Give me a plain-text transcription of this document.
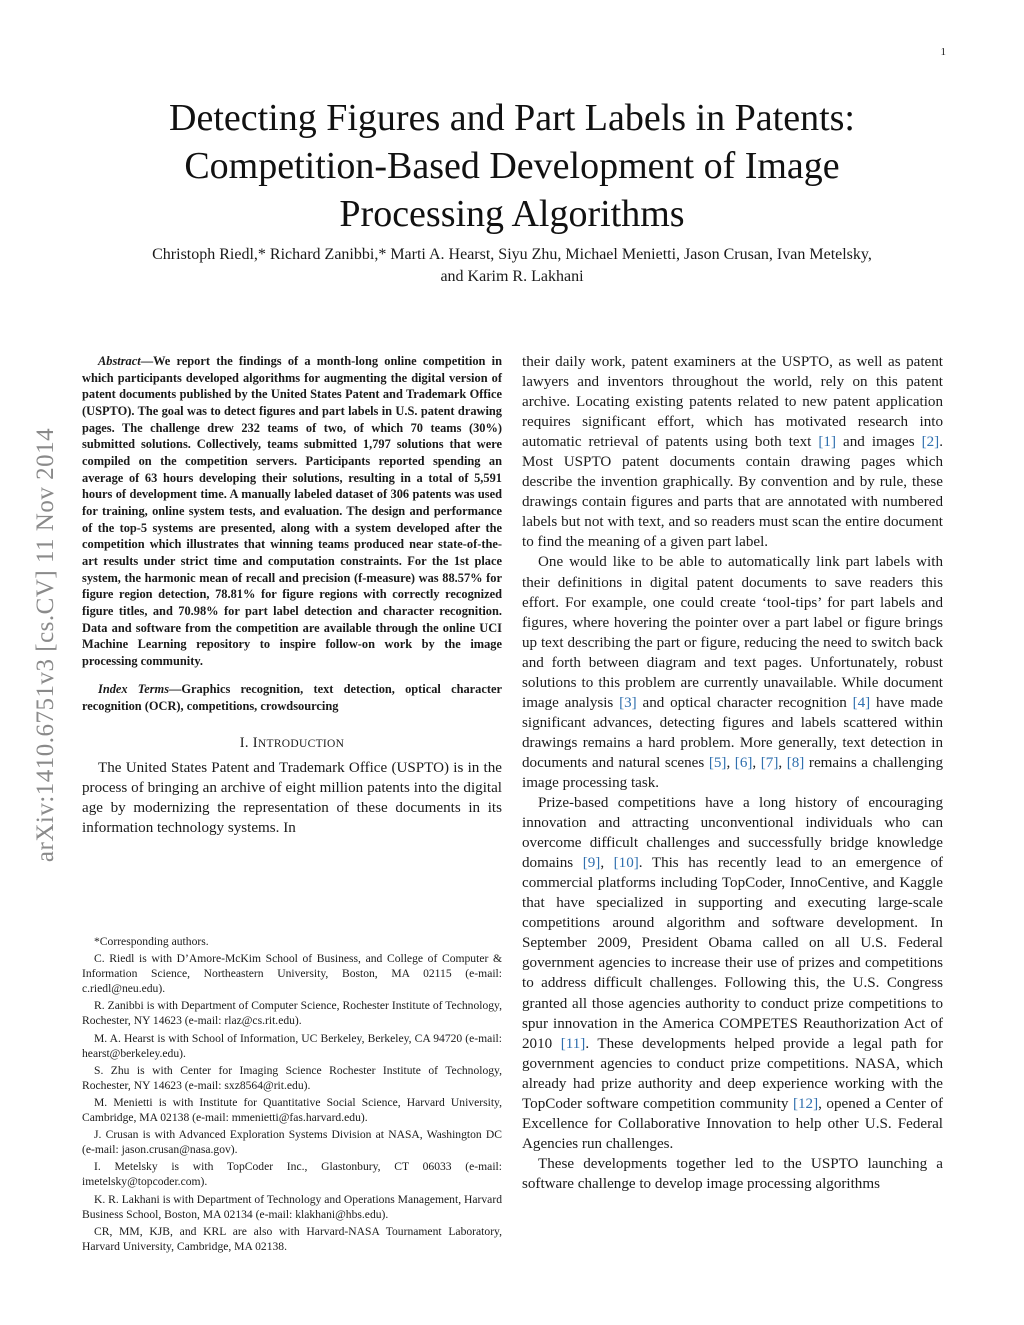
1
arXiv:1410.6751v3 [cs.CV] 11 Nov 2014
Detecting Figures and Part Labels in Patents:
Competition-Based Development of Image
Processing Algorithms
Christoph Riedl,* Richard Zanibbi,* Marti A. Hearst, Siyu Zhu, Michael Menietti, Jason Crusan, Ivan Metelsky,
and Karim R. Lakhani

Abstract—We report the findings of a month-long online competition in which participants developed algorithms for augmenting the digital version of patent documents published by the United States Patent and Trademark Office (USPTO). The goal was to detect figures and part labels in U.S. patent drawing pages. The challenge drew 232 teams of two, of which 70 teams (30%) submitted solutions. Collectively, teams submitted 1,797 solutions that were compiled on the competition servers. Participants reported spending an average of 63 hours developing their solutions, resulting in a total of 5,591 hours of development time. A manually labeled dataset of 306 patents was used for training, online system tests, and evaluation. The design and performance of the top-5 systems are presented, along with a system developed after the competition which illustrates that winning teams produced near state-of-the-art results under strict time and computation constraints. For the 1st place system, the harmonic mean of recall and precision (f-measure) was 88.57% for figure region detection, 78.81% for figure regions with correctly recognized figure titles, and 70.98% for part label detection and character recognition. Data and software from the competition are available through the online UCI Machine Learning repository to inspire follow-on work by the image processing community.

Index Terms—Graphics recognition, text detection, optical character recognition (OCR), competitions, crowdsourcing

I. INTRODUCTION

The United States Patent and Trademark Office (USPTO) is in the process of bringing an archive of eight million patents into the digital age by modernizing the representation of these documents in its information technology systems. In

*Corresponding authors.

C. Riedl is with D’Amore-McKim School of Business, and College of Computer & Information Science, Northeastern University, Boston, MA 02115 (e-mail: c.riedl@neu.edu).

R. Zanibbi is with Department of Computer Science, Rochester Institute of Technology, Rochester, NY 14623 (e-mail: rlaz@cs.rit.edu).

M. A. Hearst is with School of Information, UC Berkeley, Berkeley, CA 94720 (e-mail: hearst@berkeley.edu).

S. Zhu is with Center for Imaging Science Rochester Institute of Technology, Rochester, NY 14623 (e-mail: sxz8564@rit.edu).

M. Menietti is with Institute for Quantitative Social Science, Harvard University, Cambridge, MA 02138 (e-mail: mmenietti@fas.harvard.edu).

J. Crusan is with Advanced Exploration Systems Division at NASA, Washington DC (e-mail: jason.crusan@nasa.gov).

I. Metelsky is with TopCoder Inc., Glastonbury, CT 06033 (e-mail: imetelsky@topcoder.com).

K. R. Lakhani is with Department of Technology and Operations Management, Harvard Business School, Boston, MA 02134 (e-mail: klakhani@hbs.edu).

CR, MM, KJB, and KRL are also with Harvard-NASA Tournament Laboratory, Harvard University, Cambridge, MA 02138.

their daily work, patent examiners at the USPTO, as well as patent lawyers and inventors throughout the world, rely on this patent archive. Locating existing patents related to new patent application requires significant effort, which has motivated research into automatic retrieval of patents using both text [1] and images [2]. Most USPTO patent documents contain drawing pages which describe the invention graphically. By convention and by rule, these drawings contain figures and parts that are annotated with numbered labels but not with text, and so readers must scan the entire document to find the meaning of a given part label.

One would like to be able to automatically link part labels with their definitions in digital patent documents to save readers this effort. For example, one could create ‘tool-tips’ for part labels and figures, where hovering the pointer over a part label or figure brings up text describing the part or figure, reducing the need to switch back and forth between diagram and text pages. Unfortunately, robust solutions to this problem are currently unavailable. While document image analysis [3] and optical character recognition [4] have made significant advances, detecting figures and labels scattered within drawings remains a hard problem. More generally, text detection in documents and natural scenes [5], [6], [7], [8] remains a challenging image processing task.

Prize-based competitions have a long history of encouraging innovation and attracting unconventional individuals who can overcome difficult challenges and successfully bridge knowledge domains [9], [10]. This has recently lead to an emergence of commercial platforms including TopCoder, InnoCentive, and Kaggle that have specialized in supporting and executing large-scale competitions around algorithm and software development. In September 2009, President Obama called on all U.S. Federal government agencies to increase their use of prizes and competitions to address difficult challenges. Following this, the U.S. Congress granted all those agencies authority to conduct prize competitions to spur innovation in the America COMPETES Reauthorization Act of 2010 [11]. These developments helped provide a legal path for government agencies to conduct prize competitions. NASA, which already had prize authority and deep experience working with the TopCoder software competition community [12], opened a Center of Excellence for Collaborative Innovation to help other U.S. Federal Agencies run challenges.

These developments together led to the USPTO launching a software challenge to develop image processing algorithms
